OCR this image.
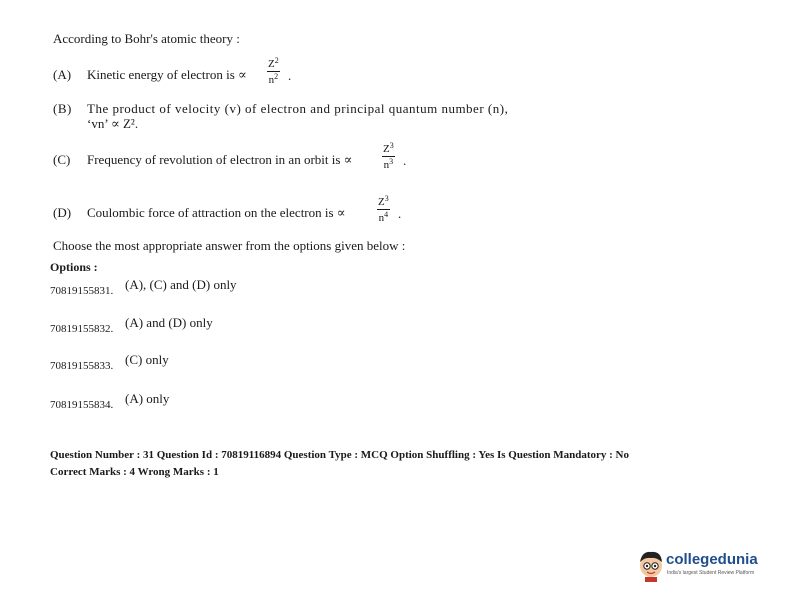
According to Bohr's atomic theory :
(A) Kinetic energy of electron is ∝
$Z^2$
$n^2$ .
(B) The product of velocity (v) of electron and principal quantum number (n),
‘vn’ ∝ Z².
(C) Frequency of revolution of electron in an orbit is ∝
$Z^3$
$n^3$ .
(D) Coulombic force of attraction on the electron is ∝
$Z^3$
$n^4$ .
Choose the most appropriate answer from the options given below :
Options :
70819155831. (A), (C) and (D) only
70819155832. (A) and (D) only
70819155833. (C) only
70819155834. (A) only
Question Number : 31 Question Id : 70819116894 Question Type : MCQ Option Shuffling : Yes Is Question Mandatory : No
Correct Marks : 4 Wrong Marks : 1
collegedunia
India's largest Student Review Platform
